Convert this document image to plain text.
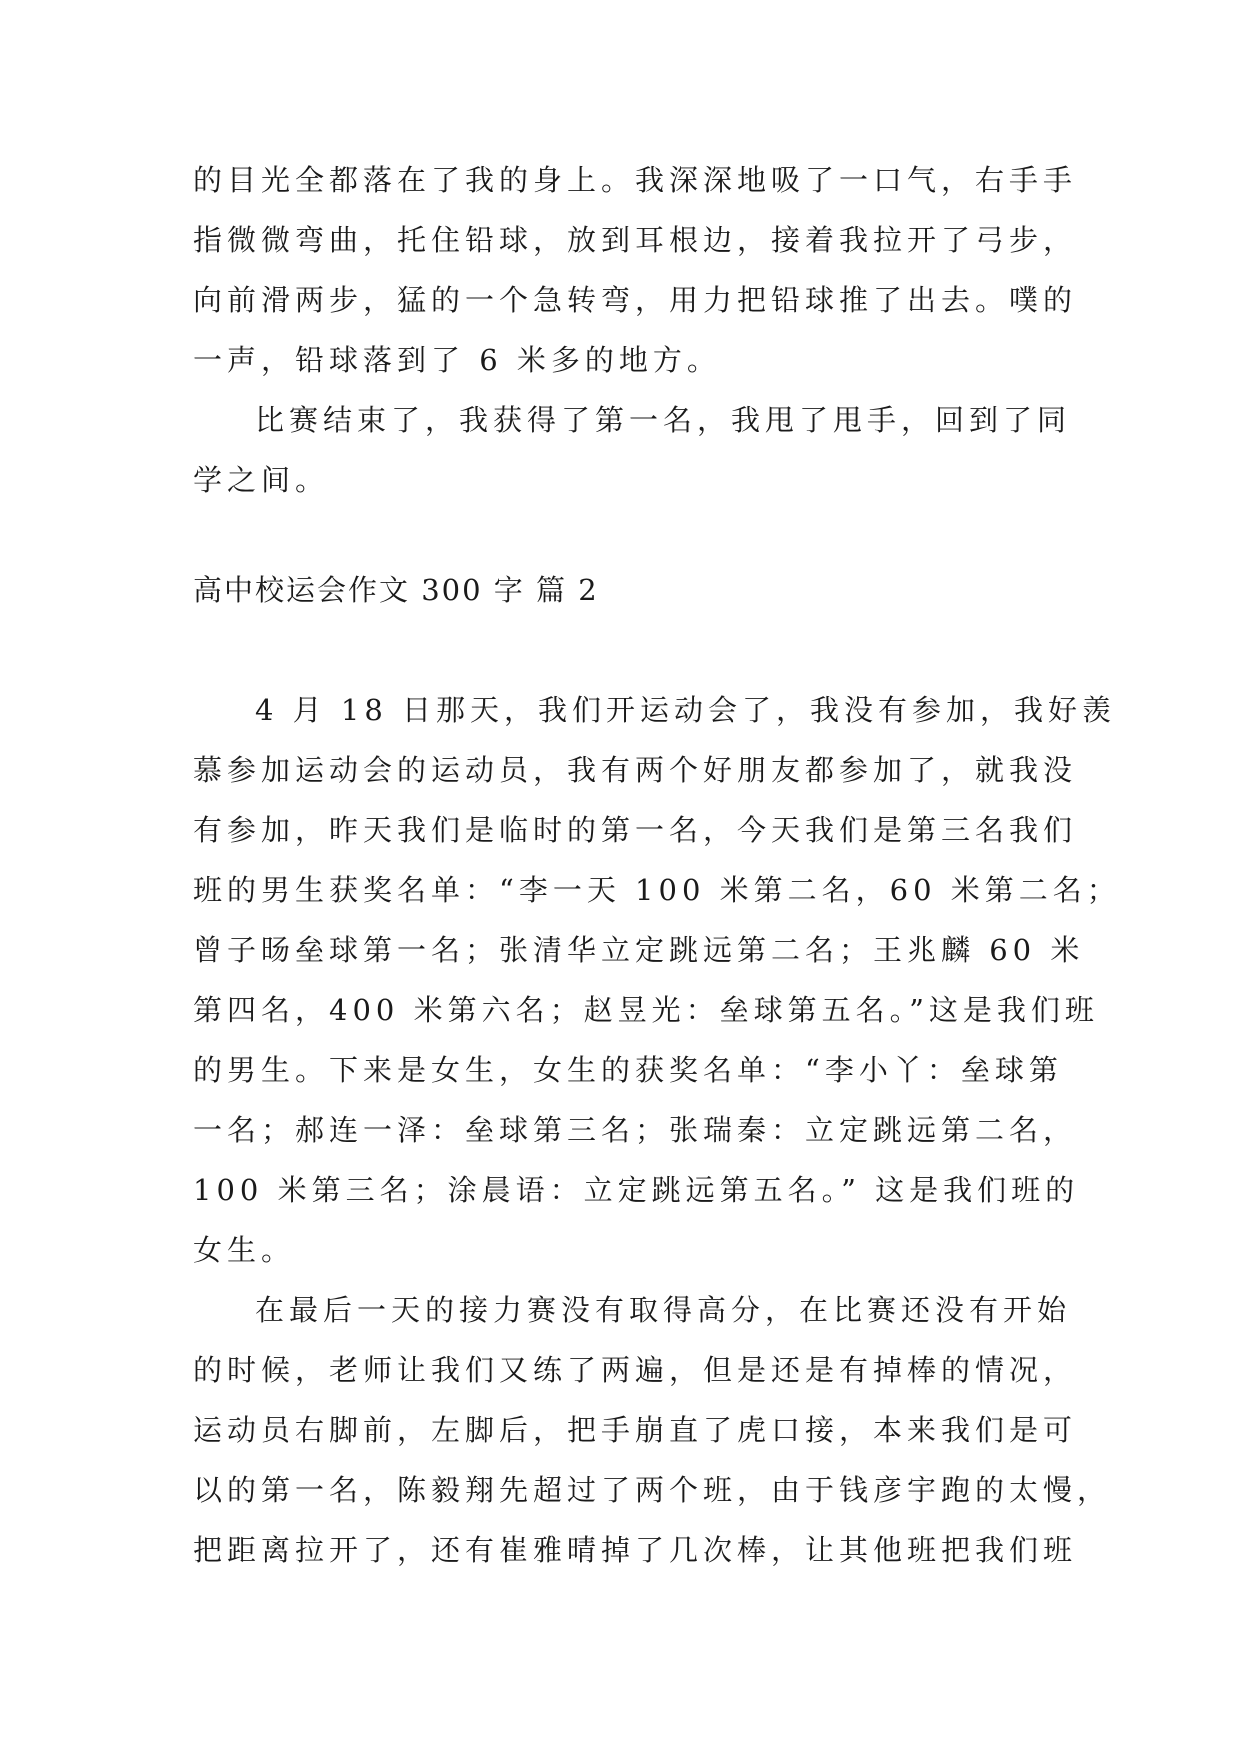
的目光全都落在了我的身上。我深深地吸了一口气，右手手
指微微弯曲，托住铅球，放到耳根边，接着我拉开了弓步，
向前滑两步，猛的一个急转弯，用力把铅球推了出去。噗的
一声，铅球落到了 6 米多的地方。
比赛结束了，我获得了第一名，我甩了甩手，回到了同
学之间。
高中校运会作文 300 字 篇 2
4 月 18 日那天，我们开运动会了，我没有参加，我好羡
慕参加运动会的运动员，我有两个好朋友都参加了，就我没
有参加，昨天我们是临时的第一名，今天我们是第三名我们
班的男生获奖名单：“李一天 100 米第二名，60 米第二名；
曾子旸垒球第一名；张清华立定跳远第二名；王兆麟 60 米
第四名，400 米第六名；赵昱光：垒球第五名。”这是我们班
的男生。下来是女生，女生的获奖名单：“李小丫：垒球第
一名；郝连一泽：垒球第三名；张瑞秦：立定跳远第二名，
100 米第三名；涂晨语：立定跳远第五名。” 这是我们班的
女生。
在最后一天的接力赛没有取得高分，在比赛还没有开始
的时候，老师让我们又练了两遍，但是还是有掉棒的情况，
运动员右脚前，左脚后，把手崩直了虎口接，本来我们是可
以的第一名，陈毅翔先超过了两个班，由于钱彦宇跑的太慢，
把距离拉开了，还有崔雅晴掉了几次棒，让其他班把我们班
